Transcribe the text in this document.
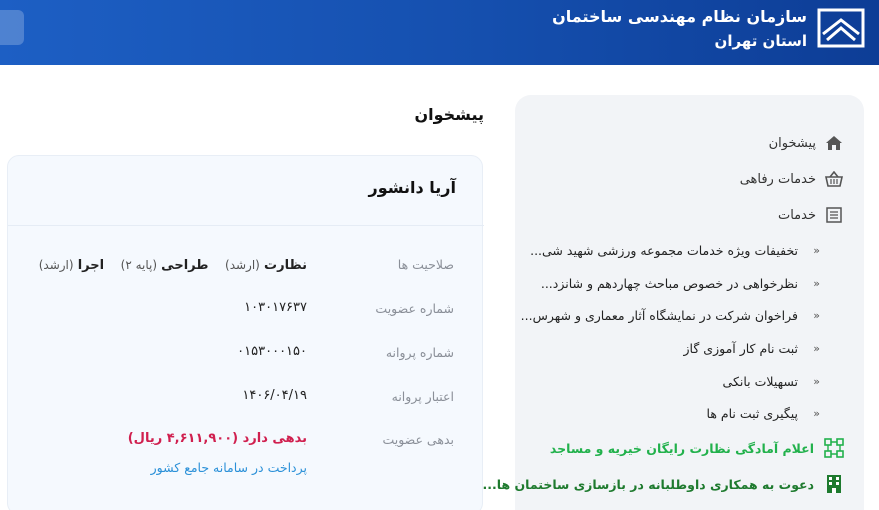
سازمان نظام مهندسی ساختمان
استان تهران
پیشخوان
خدمات رفاهی
خدمات
«
تخفیفات ویژه خدمات مجموعه ورزشی شهید شی...
«
نظرخواهی در خصوص مباحث چهاردهم و شانزد...
«
فراخوان شرکت در نمایشگاه آثار معماری و شهرس...
«
ثبت نام کار آموزی گاز
«
تسهیلات بانکی
«
پیگیری ثبت نام ها
اعلام آمادگی نظارت رایگان خیریه و مساجد
دعوت به همکاری داوطلبانه در بازسازی ساختمان ها...
پیشخوان
آریا دانشور
صلاحیت ها
نظارت (ارشد)    طراحی (پایه ۲)    اجرا (ارشد)
شماره عضویت
۱۰۳۰۱۷۶۳۷
شماره پروانه
۰۱۵۳۰۰۰۱۵۰
اعتبار پروانه
۱۴۰۶/۰۴/۱۹
بدهی عضویت
بدهی دارد (۴,۶۱۱,۹۰۰ ریال)
پرداخت در سامانه جامع کشور
